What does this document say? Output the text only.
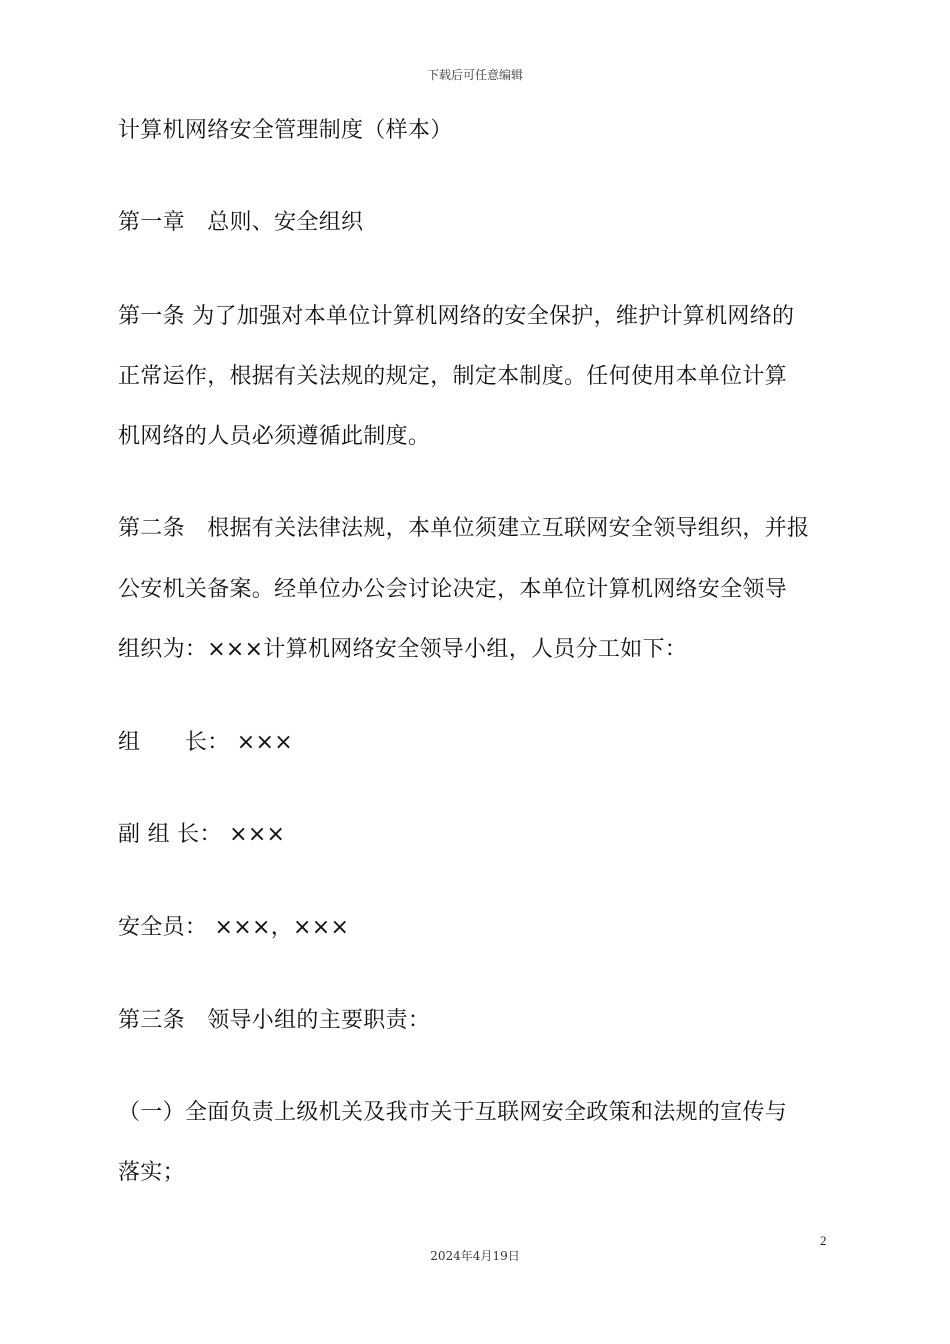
下载后可任意编辑
计算机网络安全管理制度（样本）
第一章　总则、安全组织
第一条 为了加强对本单位计算机网络的安全保护，维护计算机网络的
正常运作，根据有关法规的规定，制定本制度。任何使用本单位计算
机网络的人员必须遵循此制度。
第二条　根据有关法律法规，本单位须建立互联网安全领导组织，并报
公安机关备案。经单位办公会讨论决定，本单位计算机网络安全领导
组织为：×××计算机网络安全领导小组，人员分工如下：
组　　长： ×××
副 组 长： ×××
安全员： ×××，×××
第三条　领导小组的主要职责：
（一）全面负责上级机关及我市关于互联网安全政策和法规的宣传与
落实；
2
2024年4月19日
